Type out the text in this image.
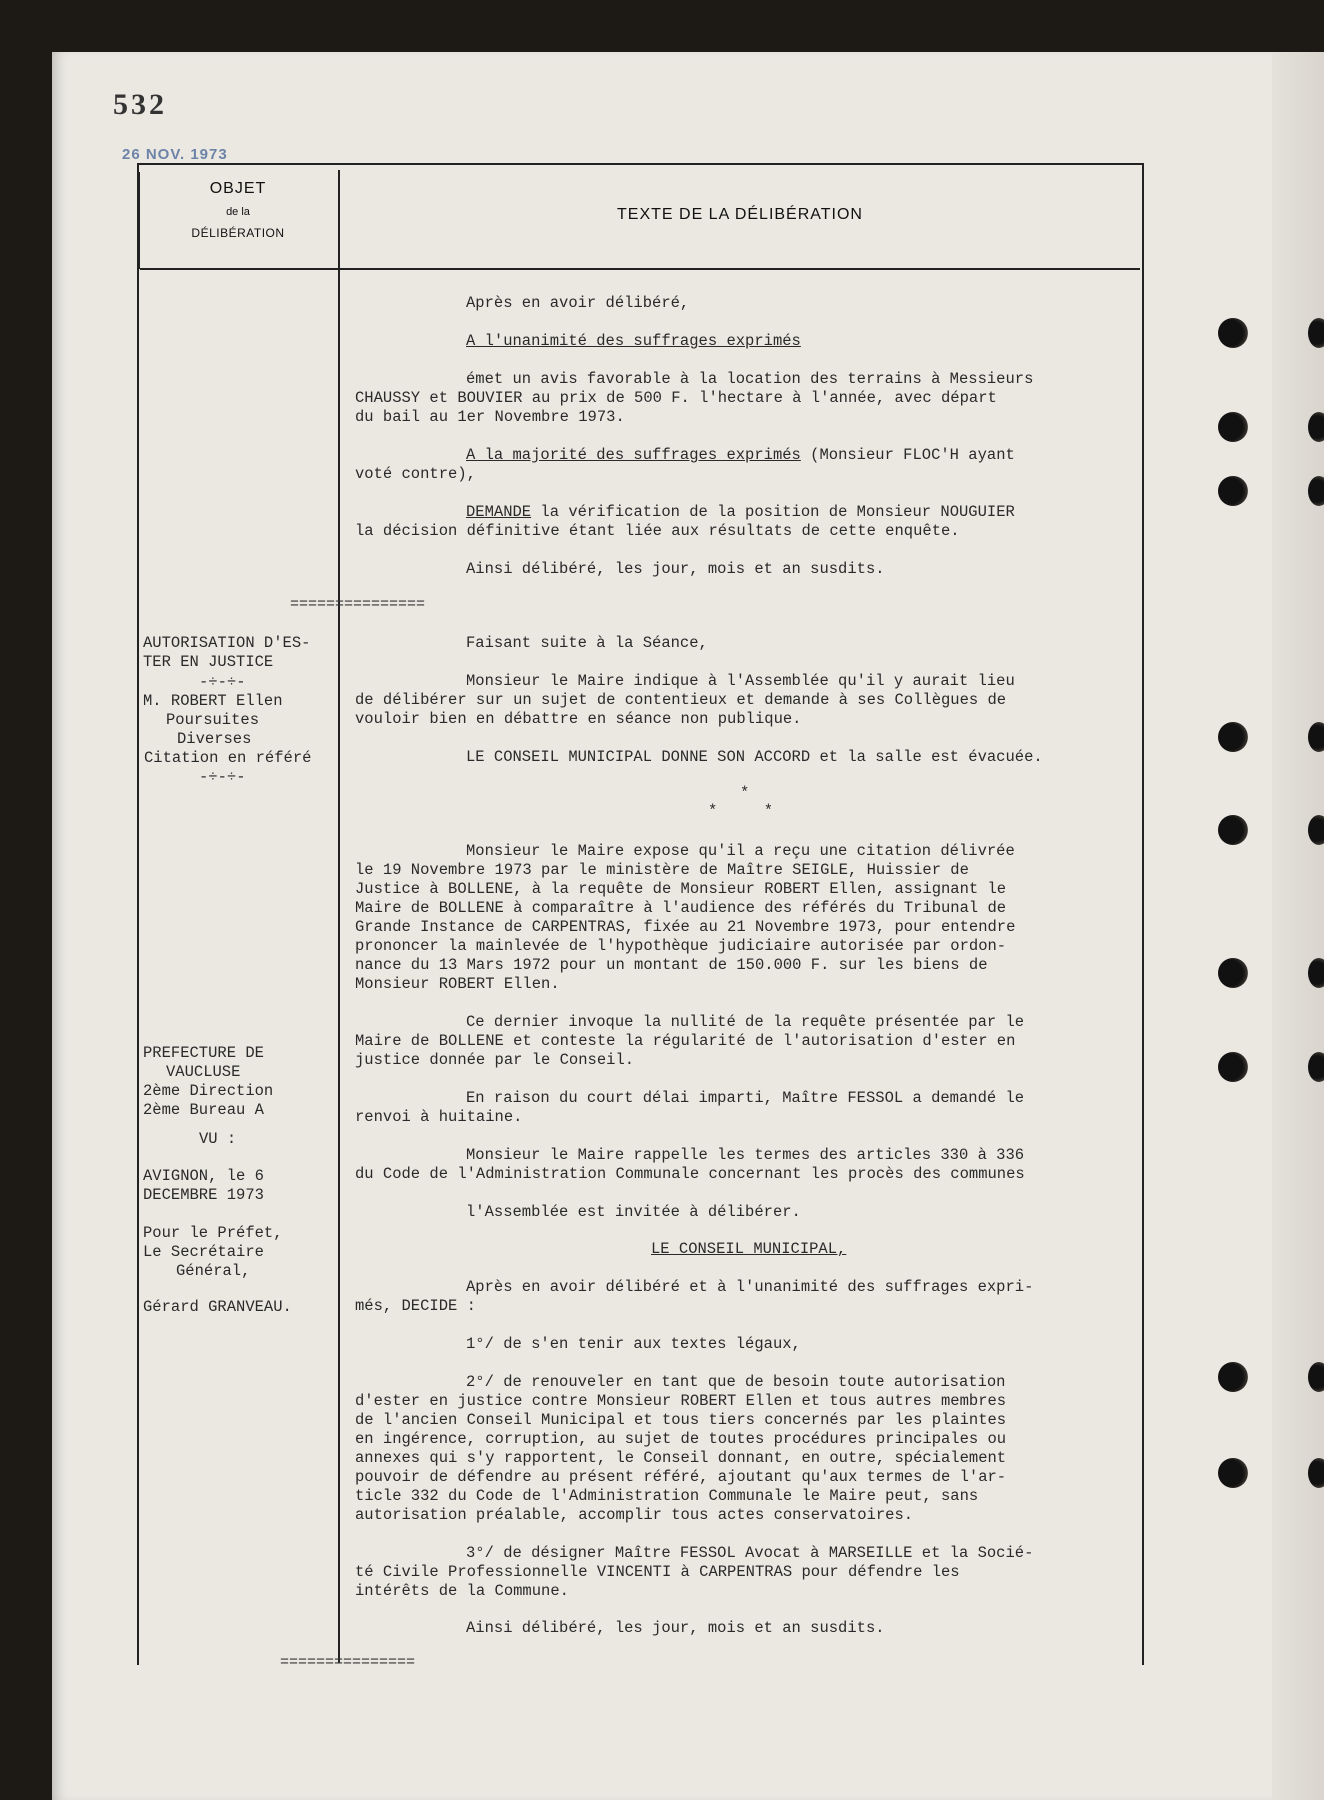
532
26 NOV. 1973
OBJET
de la
DÉLIBÉRATION
TEXTE DE LA DÉLIBÉRATION
AUTORISATION D'ES-
TER EN JUSTICE
-÷-÷-
M. ROBERT Ellen
Poursuites
Diverses
Citation en référé
-÷-÷-
PREFECTURE DE
VAUCLUSE
2ème Direction
2ème Bureau A
VU :
AVIGNON, le 6
DECEMBRE 1973
Pour le Préfet,
Le Secrétaire
Général,
Gérard GRANVEAU.
===============
===============
Après en avoir délibéré,
A l'unanimité des suffrages exprimés
émet un avis favorable à la location des terrains à Messieurs
CHAUSSY et BOUVIER au prix de 500 F. l'hectare à l'année, avec départ
du bail au 1er Novembre 1973.
A la majorité des suffrages exprimés (Monsieur FLOC'H ayant
voté contre),
DEMANDE la vérification de la position de Monsieur NOUGUIER
la décision définitive étant liée aux résultats de cette enquête.
Ainsi délibéré, les jour, mois et an susdits.
Faisant suite à la Séance,
Monsieur le Maire indique à l'Assemblée qu'il y aurait lieu
de délibérer sur un sujet de contentieux et demande à ses Collègues de
vouloir bien en débattre en séance non publique.
LE CONSEIL MUNICIPAL DONNE SON ACCORD et la salle est évacuée.
*
*     *
Monsieur le Maire expose qu'il a reçu une citation délivrée
le 19 Novembre 1973 par le ministère de Maître SEIGLE, Huissier de
Justice à BOLLENE, à la requête de Monsieur ROBERT Ellen, assignant le
Maire de BOLLENE à comparaître à l'audience des référés du Tribunal de
Grande Instance de CARPENTRAS, fixée au 21 Novembre 1973, pour entendre
prononcer la mainlevée de l'hypothèque judiciaire autorisée par ordon-
nance du 13 Mars 1972 pour un montant de 150.000 F. sur les biens de
Monsieur ROBERT Ellen.
Ce dernier invoque la nullité de la requête présentée par le
Maire de BOLLENE et conteste la régularité de l'autorisation d'ester en
justice donnée par le Conseil.
En raison du court délai imparti, Maître FESSOL a demandé le
renvoi à huitaine.
Monsieur le Maire rappelle les termes des articles 330 à 336
du Code de l'Administration Communale concernant les procès des communes
l'Assemblée est invitée à délibérer.
LE CONSEIL MUNICIPAL,
Après en avoir délibéré et à l'unanimité des suffrages expri-
més, DECIDE :
1°/ de s'en tenir aux textes légaux,
2°/ de renouveler en tant que de besoin toute autorisation
d'ester en justice contre Monsieur ROBERT Ellen et tous autres membres
de l'ancien Conseil Municipal et tous tiers concernés par les plaintes
en ingérence, corruption, au sujet de toutes procédures principales ou
annexes qui s'y rapportent, le Conseil donnant, en outre, spécialement
pouvoir de défendre au présent référé, ajoutant qu'aux termes de l'ar-
ticle 332 du Code de l'Administration Communale le Maire peut, sans
autorisation préalable, accomplir tous actes conservatoires.
3°/ de désigner Maître FESSOL Avocat à MARSEILLE et la Socié-
té Civile Professionnelle VINCENTI à CARPENTRAS pour défendre les
intérêts de la Commune.
Ainsi délibéré, les jour, mois et an susdits.
